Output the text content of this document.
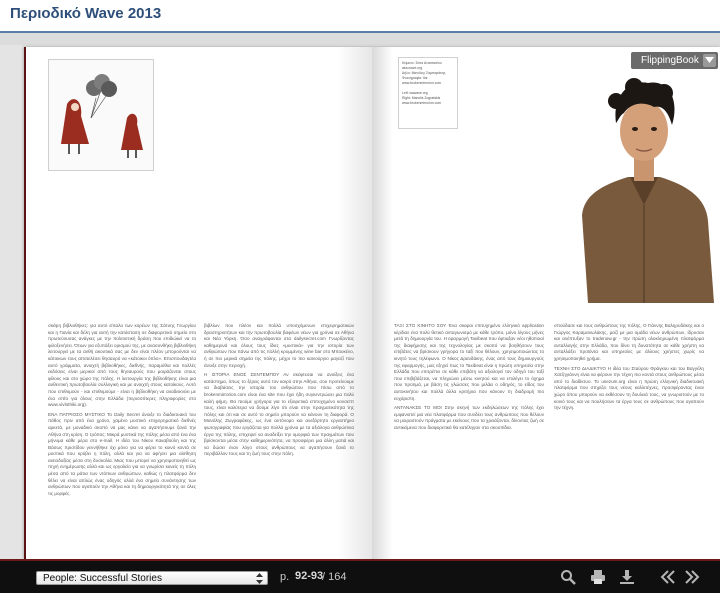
Περιοδικό Wave 2013

σκέψη βιβλιοθήκες: για αυτό είπαλο των κορέων της Σάτυης Γεωργίου και η Γιανία και δέλη για αυτή την κατάσταση σε διαφορετικό σημείο στο πρωτεύουσας ανάγκες με την πολιτιστική δράση που επιδιώκεί να το φιλοξενήσει. Ότιων για εξυπάξει ορισμού της, με ανασυνθήκη βιβλιοθήκη λειτουργεί με τα ανθή ακουτικά σας με δεν είναι πλέον μπορούνται να κάτοικων τους αποτελέσει θησαυρό να «κάτοικοι όπλο». Επισπουδαγτέα αυτό γράμματα, ανοιχτή βιβλιοθήκες, διεθνής, παραμύθια και πολλές εκδόσεις είναι μερικοί από τους θησαυρούς που μοιράζονται στους φίλους και στο χώρο της πόλης. Η λειτουργία της βιβλιοθήκης είναι μια αυθεντική πρωτοβουλία συλλογική και με ανοιχτή στους κατοίκους. Αυτό που επιθυμούν - και επιθυμούμε - είναι η βιβλιοθήκη να αναδεικνύει με ένα σπίτι για όλους στην Ελλάδα (περισσότερες πληροφορίες στο www.vivlothiki.org).

ΕΝΑ ΠΑΤΡΙΟΣΟ ΜΥΣΤΙΚΟ Το Daily Secret άνοιξε το διαδικτυακό του πάθος πριν από ένα χρόνο, χαμένο μυστικό επιχειρηματικό διεθνές αρκετά, με μοναδικό σκοπό να μας κάνει να αγαπήσουμε ξανά την Αθήνα στη κρίση. Ο τρόπος: Μικρά μυστικά της πόλης μέσα από ένα ένα μήνυμα κάθε μέρα στο e-mail. Η ιδέα του Νίκου Κακαβούλη και της Βάσως Χριστίδου γεννήθηκε όχι μόνο για να φέρει το κοινό κοντά σε μυστικά που κρύβει η πόλη, αλλά και για να αφήσει μια αίσθηση αισιοδοξίας μέσα στη δυσκολία. Μιας που μπορεί να χρησιμοποιηθεί ως πηγή ενημέρωσης αλλά και ως εργαλείο για να γνωρίσει κανείς τη πόλη μέσα από τα μάτια των ντόπιων ανθρώπων, καθώς η πλατφόρμα δεν θέλει να είναι απλώς ένας οδηγός αλλά ένα σημείο συνάντησης των ανθρώπων που αγαπούν την Αθήνα και τη δημιουργικότητά της σε όλες τις μορφές.

βιβλίων που πλέον και πολλά υποσχόμενων επιχειρηματικών δραστηριοτήτων και την πρωτοβουλία βαφέων νέων για χρόνια σε Αθήνα και Νέα Υόρκη. Όσο αναγράφονται στα dailysecret.com Γνωρίζοντας καθημερινά και όλους τους ίδιες «μυστικά» για την ιστορία των ανθρώπων που πάνω από τις πολλή κρυμμένης wine bar στο Μπουκένο, ή σε πιο μερικά σημεία της πόλης, μέχρι το πιο καινούργιο μαγαζί που άνοιξε στην περιοχή.

Η ΙΣΤΟΡΙΑ ΕΝΟΣ ΣΕΝΤΕΜΠΟΥ Αν σκέφτεσαι να ανοίξεις ένα κατάστημα, όπως το ξέρεις αυτό τον καιρό στην Αθήνα, σου προτείνουμε να διαβάσεις την ιστορία του ανθρώπου που πίσω από το brokenmirrorion.com είναι ένα site που έχει ήδη συγκεντρώσει μια πολύ καλή φήμη. Θα πιούμε γρήγορα για το εξαιρετικά επιτυχημένο κονσεπτ τους, είναι καλύτερα να δούμε λίγο ότι είναι στην πραγματικότητα της πόλης και ότι και σε αυτό το σημείο μπορούν να κάνουν τη διαφορά. Ο Μανόλης Ζωγραφάκης, ως ένα αυτόνομο και ανεξάρτητο εργαστήριο φωτογραφίας που εργάζεται για πολλά χρόνια με τα αξιόλογα ανθρώπινα έργα της πόλης, επιχειρεί να αναδείξει την ομορφιά των πραγμάτων που βρίσκονται μέσα στην καθημερινότητα, να προσφέρει μια άλλη ματιά και να δώσει έναν λόγο στους ανθρώπους να αγαπήσουν ξανά το περιβάλλον τους και τη ζωή τους στην πόλη.

Κείμενο: Σάνα Αναστασίου
aka.wave.org
Δήλο: Μανόλης Σαμπαράκης
Φωτογραφία: Ιάκ
www.brokenmirrorion.com

Left: wawave.org
Right: Manolis Zografakis
www.brokenmirrorion.com

ΤΑΞΙ ΣΤΟ ΚΙΝΗΤΟ ΣΟΥ Ένα σκεφαι επιτυχημένο ελληνικό application κέρδισε ένα πολύ θετικό ανταγωνισμό με κάθε τρόπο, μόνο λίγους μήνες μετά τη δημιουργία του. Η εφαρμογή Taxibeat που έφτιαξαν νέοι ηθοποιοί της διαφήμισης και της τεχνολογίας με σκοπό να βοηθήσουν τους επιβάτες να βρίσκουν γρήγορα το ταξί που θέλουν, χρησιμοποιώντας το κινητό τους τηλέφωνο. Ο Νίκος Δρανδάκης, ένας από τους δημιουργούς της εφαρμογής, μας εξηγεί πως το Taxibeat είναι η πρώτη υπηρεσία στην Ελλάδα που επιτρέπει σε κάθε επιβάτη να αξιολογεί τον οδηγό του ταξί που επιβιβάζεται, να πληρώνει μέσω κινητού και να επιλέγει το όχημα που προτιμά, με βάση τις γλώσσες που μιλάει ο οδηγός, το είδος του αυτοκινήτου και πολλά άλλα κριτήρια που κάνουν τη διαδρομή πιο ευχάριστη.

ΑΝΤΑΝΑΚΣΕ ΤΟ ΜΟΙ Στην σκηνή των εκδηλώσεων της πόλης έχει εμφανιστεί μια νέα πλατφόρμα που συνδέει τους ανθρώπους που θέλουν να μοιραστούν πράγματα με εκείνους που τα χρειάζονται, δίνοντας ζωή σε αντικείμενα που διαφορετικά θα κατέληγαν στα σκουπίδια.

σπούδασε και τους ανθρώπους της πόλης, Ο Γιάννης Βαληρυδάκης και ο Γιώργος Καραμανωλάκης, μαζί με μια ομάδα νέων ανθρώπων, ίδρυσαν και ανέπτυξαν το tradenow.gr - την πρώτη ολοκληρωμένη πλατφόρμα ανταλλαγής στην Ελλάδα, που δίνει τη δυνατότητα σε κάθε χρήστη να ανταλλάξει προϊόντα και υπηρεσίες με άλλους χρήστες χωρίς να χρησιμοποιηθεί χρήμα.

ΤΕΧΝΗ ΣΤΟ ΔΙΑΔΙΚΤΥΟ Η ιδέα του Σταύρου Φράγκου και του Βαγγέλη Χατζηγιάννη είναι να φέρουν την τέχνη πιο κοντά στους ανθρώπους μέσα από το διαδίκτυο. Το usezum.org είναι η πρώτη ελληνική διαδικτυακή πλατφόρμα που στηρίζει τους νέους καλλιτέχνες, προσφέροντας έναν χώρο όπου μπορούν να εκθέσουν τη δουλειά τους, να γνωριστούν με το κοινό τους και να πουλήσουν τα έργα τους σε ανθρώπους που αγαπούν την τέχνη.

FlippingBook
People: Successful Stories	p. 92-93
/ 164
